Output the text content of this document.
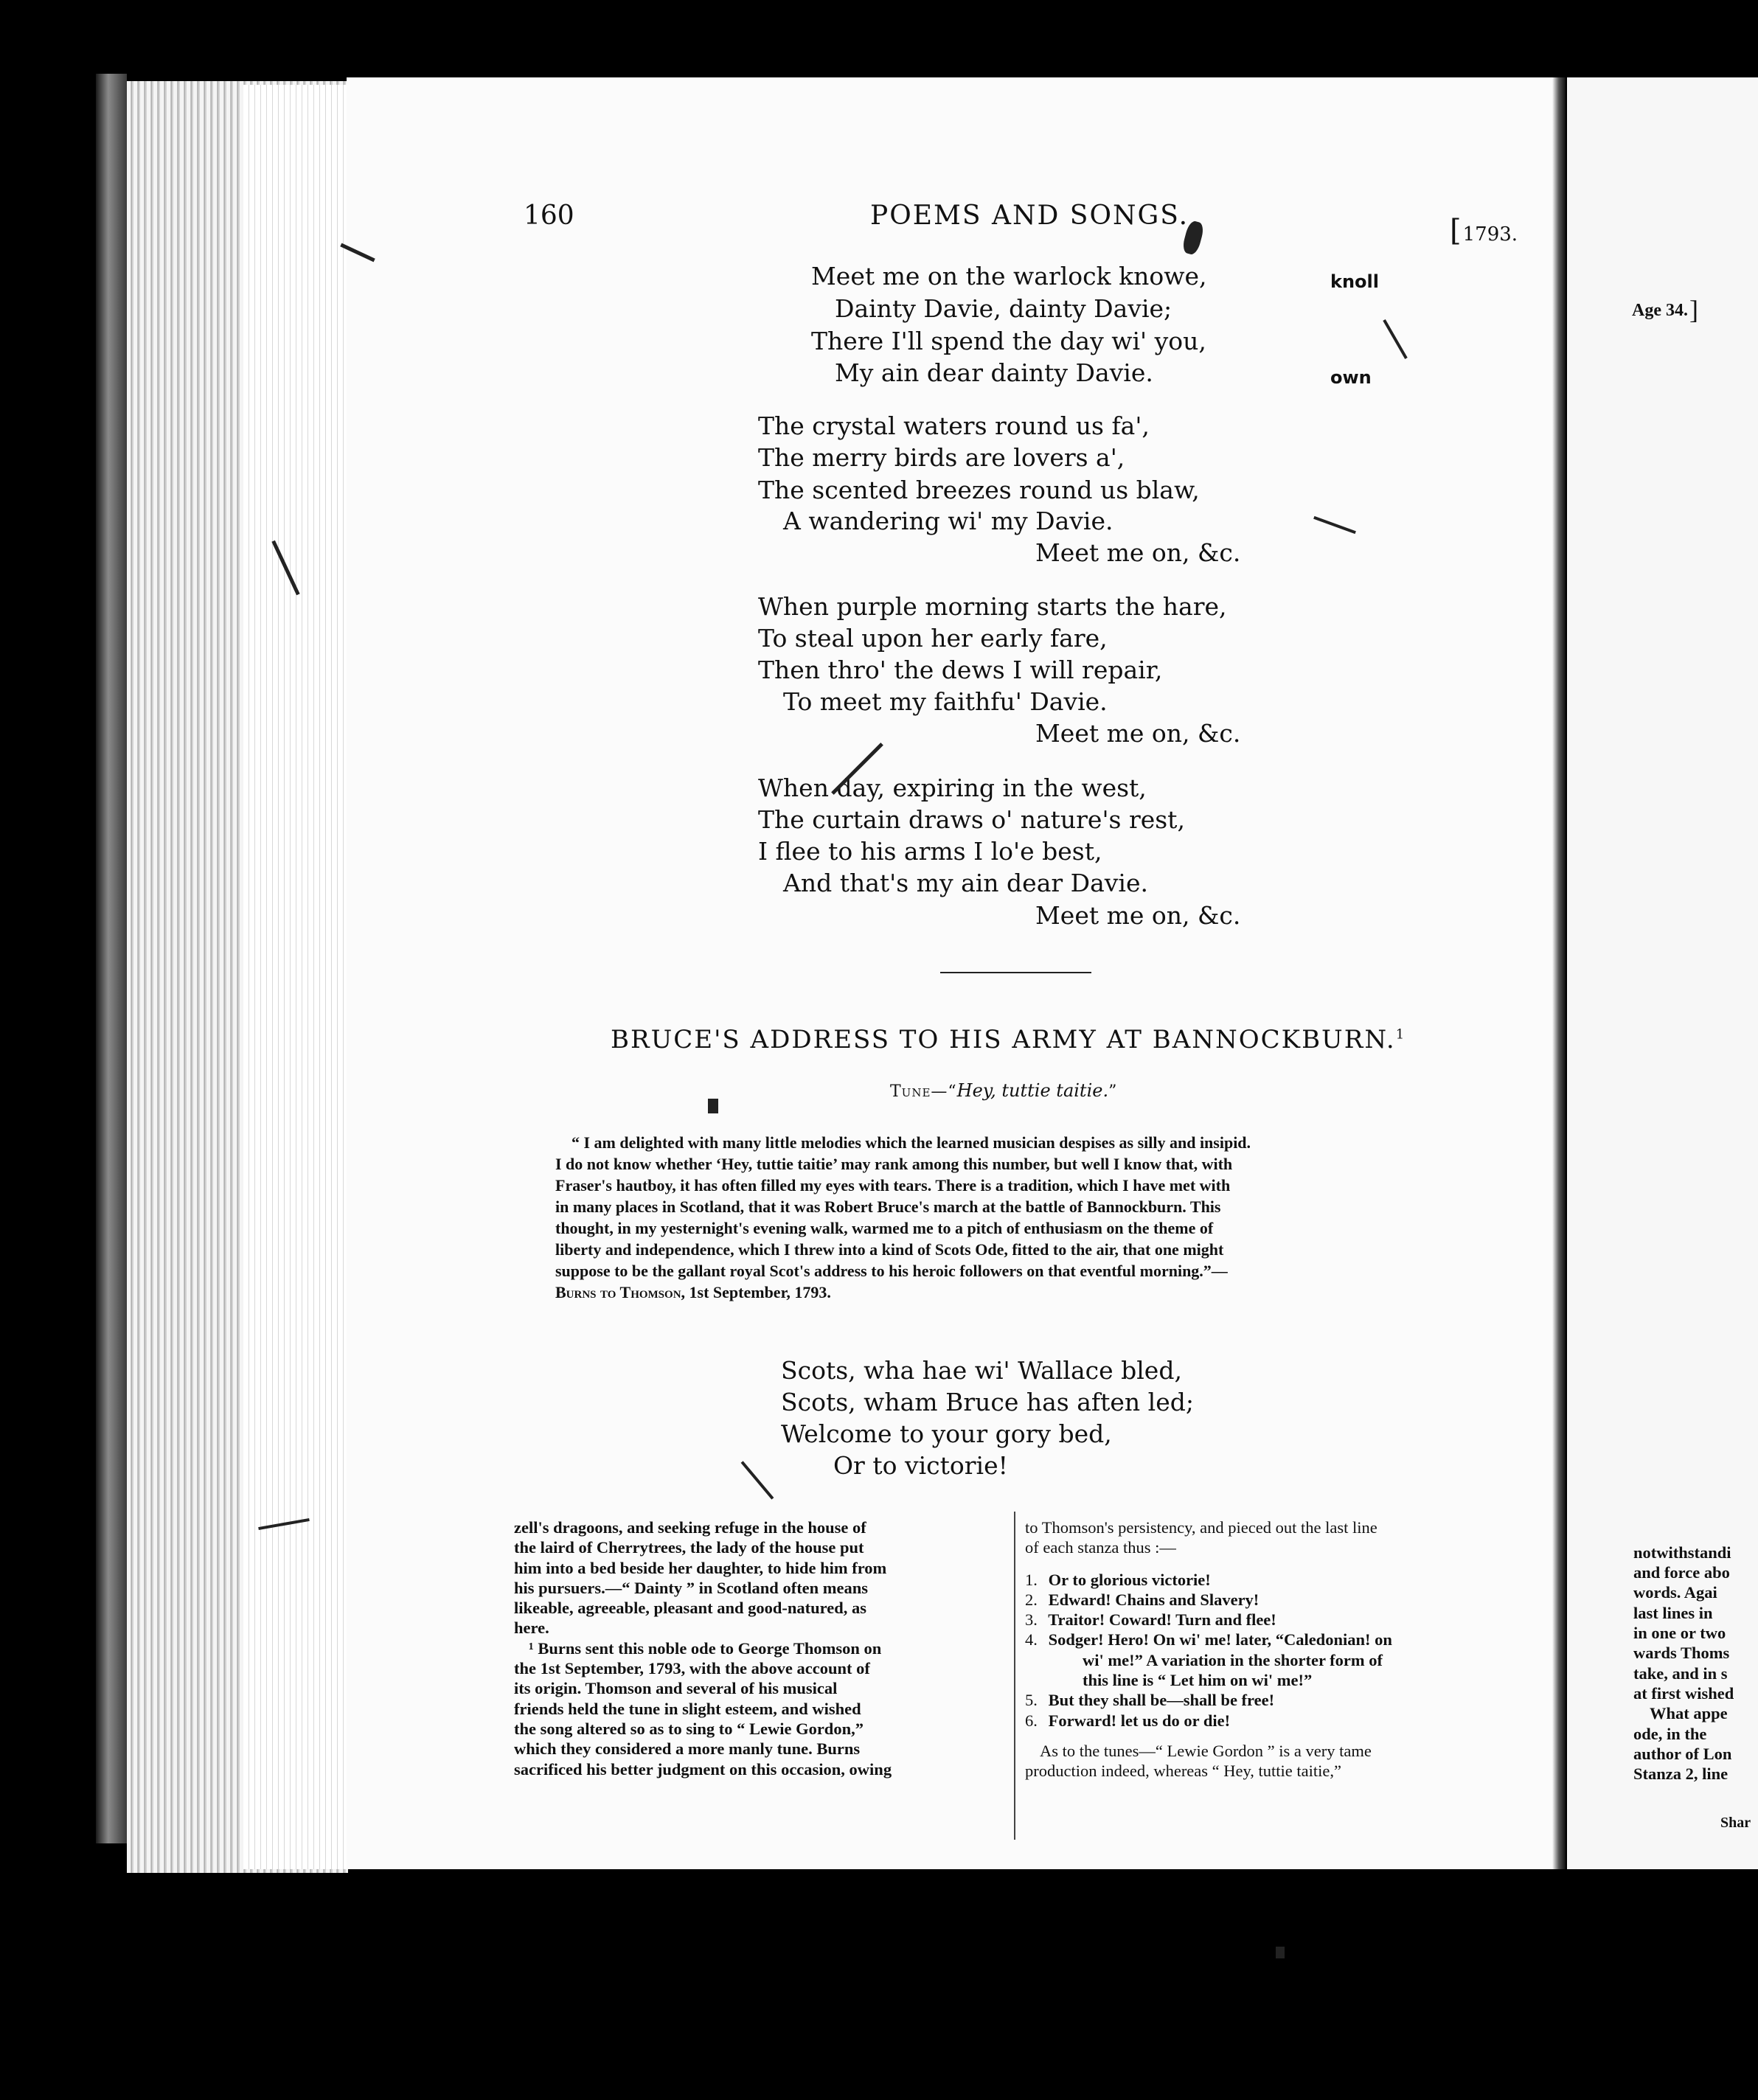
Age 34. ]
notwithstandi
and force abo
words. Agai
last lines in
in one or two
wards Thoms
take, and in s
at first wished
What appe
ode, in the
author of Lon
Stanza 2, line
Shar
160	POEMS AND SONGS.
[ 1793.
Meet me on the warlock knowe,
Dainty Davie, dainty Davie;
There I'll spend the day wi' you,
My ain dear dainty Davie.
knoll
own
The crystal waters round us fa',
The merry birds are lovers a',
The scented breezes round us blaw,
A wandering wi' my Davie.
Meet me on, &c.
When purple morning starts the hare,
To steal upon her early fare,
Then thro' the dews I will repair,
To meet my faithfu' Davie.
Meet me on, &c.
When day, expiring in the west,
The curtain draws o' nature's rest,
I flee to his arms I lo'e best,
And that's my ain dear Davie.
Meet me on, &c.
BRUCE'S ADDRESS TO HIS ARMY AT BANNOCKBURN.$^1$
Tune—“Hey, tuttie taitie.”
“ I am delighted with many little melodies which the learned musician despises as silly and insipid.
I do not know whether ‘Hey, tuttie taitie’ may rank among this number, but well I know that, with
Fraser's hautboy, it has often filled my eyes with tears. There is a tradition, which I have met with
in many places in Scotland, that it was Robert Bruce's march at the battle of Bannockburn. This
thought, in my yesternight's evening walk, warmed me to a pitch of enthusiasm on the theme of
liberty and independence, which I threw into a kind of Scots Ode, fitted to the air, that one might
suppose to be the gallant royal Scot's address to his heroic followers on that eventful morning.”—
Burns to Thomson, 1st September, 1793.
Scots, wha hae wi' Wallace bled,
Scots, wham Bruce has aften led;
Welcome to your gory bed,
Or to victorie!
zell's dragoons, and seeking refuge in the house of
the laird of Cherrytrees, the lady of the house put
him into a bed beside her daughter, to hide him from
his pursuers.—“ Dainty ” in Scotland often means
likeable, agreeable, pleasant and good-natured, as
here.
¹ Burns sent this noble ode to George Thomson on
the 1st September, 1793, with the above account of
its origin. Thomson and several of his musical
friends held the tune in slight esteem, and wished
the song altered so as to sing to “ Lewie Gordon,”
which they considered a more manly tune. Burns
sacrificed his better judgment on this occasion, owing
to Thomson's persistency, and pieced out the last line
of each stanza thus :—
1. Or to glorious victorie!
2. Edward! Chains and Slavery!
3. Traitor! Coward! Turn and flee!
4. Sodger! Hero! On wi' me! later, “Caledonian! on
wi' me!” A variation in the shorter form of
this line is “ Let him on wi' me!”
5. But they shall be—shall be free!
6. Forward! let us do or die!
As to the tunes—“ Lewie Gordon ” is a very tame
production indeed, whereas “ Hey, tuttie taitie,”
